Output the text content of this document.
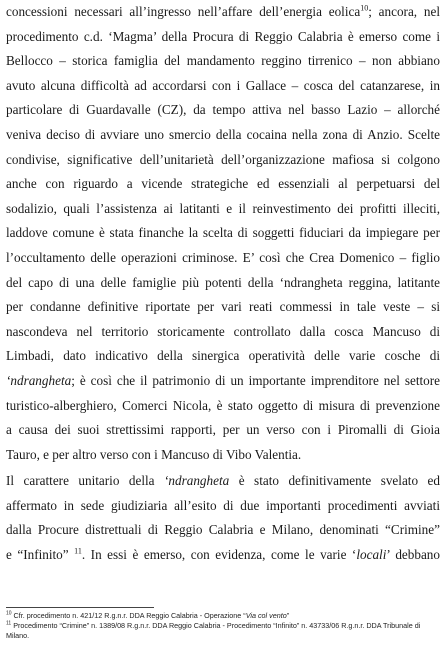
concessioni necessari all’ingresso nell’affare dell’energia eolica$^{10}$; ancora, nel
procedimento c.d. ‘Magma’ della Procura di Reggio Calabria è emerso come i
Bellocco – storica famiglia del mandamento reggino tirrenico – non abbiano
avuto alcuna difficoltà ad accordarsi con i Gallace – cosca del catanzarese, in
particolare di Guardavalle (CZ), da tempo attiva nel basso Lazio – allorché
veniva deciso di avviare uno smercio della cocaina nella zona di Anzio. Scelte
condivise, significative dell’unitarietà dell’organizzazione mafiosa si colgono
anche con riguardo a vicende strategiche ed essenziali al perpetuarsi del
sodalizio, quali l’assistenza ai latitanti e il reinvestimento dei profitti illeciti,
laddove comune è stata finanche la scelta di soggetti fiduciari da impiegare per
l’occultamento delle operazioni criminose. E’ così che Crea Domenico – figlio
del capo di una delle famiglie più potenti della ‘ndrangheta reggina, latitante
per condanne definitive riportate per vari reati commessi in tale veste – si
nascondeva nel territorio storicamente controllato dalla cosca Mancuso di
Limbadi, dato indicativo della sinergica operatività delle varie cosche di
‘ndrangheta; è così che il patrimonio di un importante imprenditore nel settore
turistico-alberghiero, Comerci Nicola, è stato oggetto di misura di prevenzione
a causa dei suoi strettissimi rapporti, per un verso con i Piromalli di Gioia
Tauro, e per altro verso con i Mancuso di Vibo Valentia.

Il carattere unitario della ‘ndrangheta è stato definitivamente svelato ed
affermato in sede giudiziaria all’esito di due importanti procedimenti avviati
dalla Procure distrettuali di Reggio Calabria e Milano, denominati “Crimine”
e “Infinito” $^{11}$. In essi è emerso, con evidenza, come le varie ‘locali’ debbano

$^{10}$ Cfr. procedimento n. 421/12 R.g.n.r. DDA Reggio Calabria - Operazione “Via col vento”
$^{11}$ Procedimento “Crimine” n. 1389/08 R.g.n.r. DDA Reggio Calabria - Procedimento “Infinito” n. 43733/06 R.g.n.r. DDA Tribunale di
Milano.
